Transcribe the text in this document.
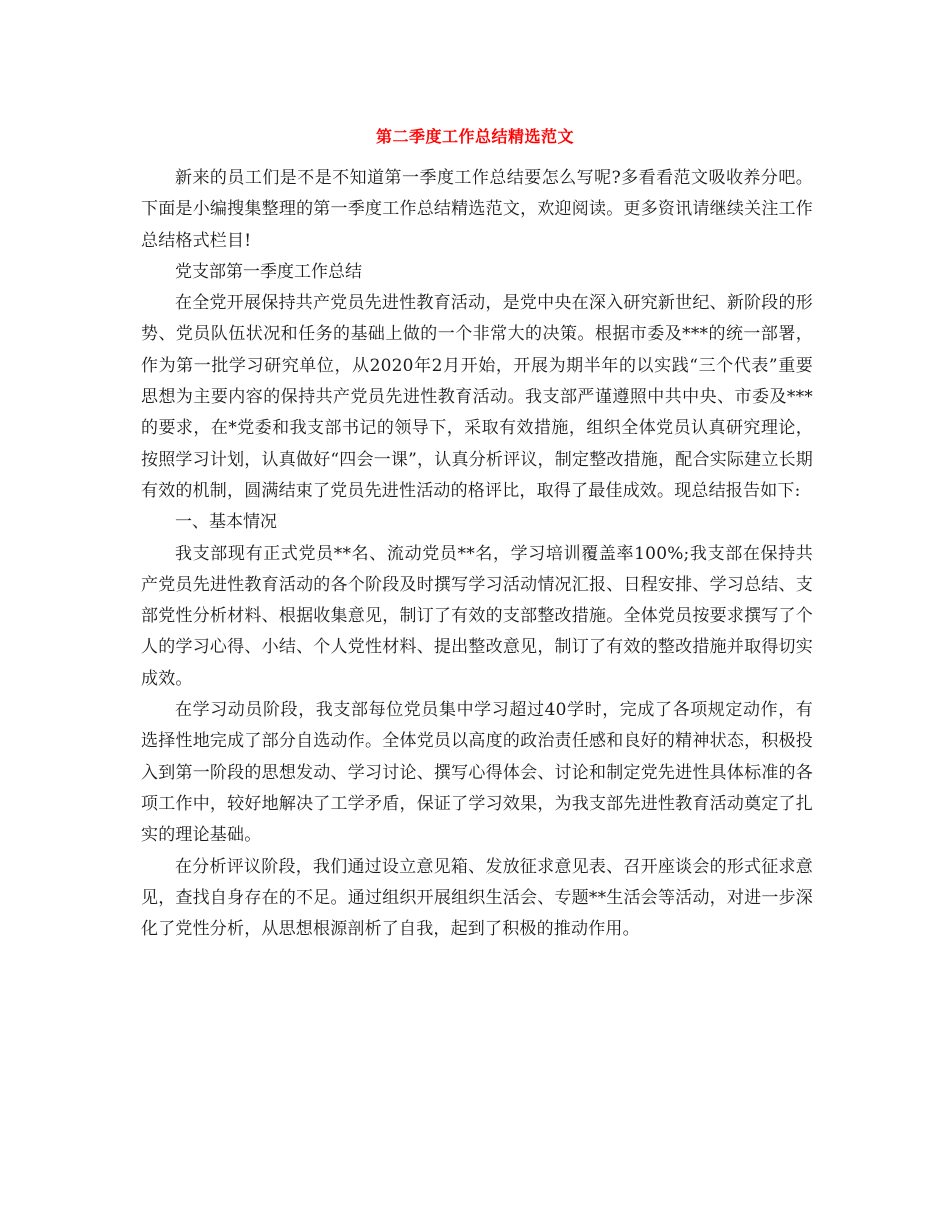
第二季度工作总结精选范文

新来的员工们是不是不知道第一季度工作总结要怎么写呢?多看看范文吸收养分吧。下面是小编搜集整理的第一季度工作总结精选范文，欢迎阅读。更多资讯请继续关注工作总结格式栏目!

党支部第一季度工作总结

在全党开展保持共产党员先进性教育活动，是党中央在深入研究新世纪、新阶段的形势、党员队伍状况和任务的基础上做的一个非常大的决策。根据市委及***的统一部署，作为第一批学习研究单位，从2020年2月开始，开展为期半年的以实践“三个代表”重要思想为主要内容的保持共产党员先进性教育活动。我支部严谨遵照中共中央、市委及***的要求，在*党委和我支部书记的领导下，采取有效措施，组织全体党员认真研究理论，按照学习计划，认真做好“四会一课”，认真分析评议，制定整改措施，配合实际建立长期有效的机制，圆满结束了党员先进性活动的格评比，取得了最佳成效。现总结报告如下:

一、基本情况

我支部现有正式党员**名、流动党员**名，学习培训覆盖率100%;我支部在保持共产党员先进性教育活动的各个阶段及时撰写学习活动情况汇报、日程安排、学习总结、支部党性分析材料、根据收集意见，制订了有效的支部整改措施。全体党员按要求撰写了个人的学习心得、小结、个人党性材料、提出整改意见，制订了有效的整改措施并取得切实成效。

在学习动员阶段，我支部每位党员集中学习超过40学时，完成了各项规定动作，有选择性地完成了部分自选动作。全体党员以高度的政治责任感和良好的精神状态，积极投入到第一阶段的思想发动、学习讨论、撰写心得体会、讨论和制定党先进性具体标准的各项工作中，较好地解决了工学矛盾，保证了学习效果，为我支部先进性教育活动奠定了扎实的理论基础。

在分析评议阶段，我们通过设立意见箱、发放征求意见表、召开座谈会的形式征求意见，查找自身存在的不足。通过组织开展组织生活会、专题**生活会等活动，对进一步深化了党性分析，从思想根源剖析了自我，起到了积极的推动作用。
